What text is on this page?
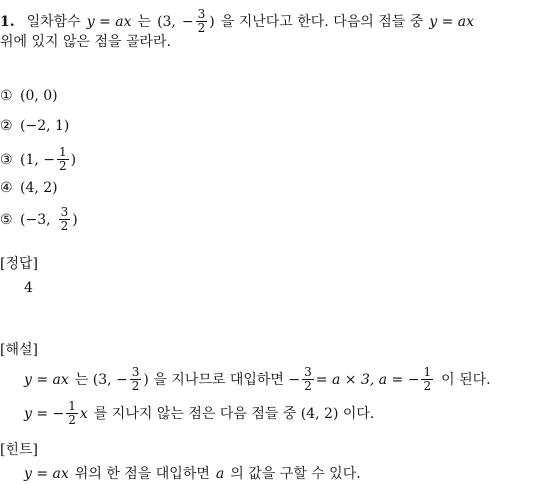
1. 일차함수 y = ax 는 (3, − $\frac{3}{2}$ ) 을 지난다고 한다. 다음의 점들 중 y = ax
위에 있지 않은 점을 골라라.
① (0, 0)
② (−2, 1)
③ (1, − $\frac{1}{2}$ )
④ (4, 2)
⑤ (−3, $\frac{3}{2}$ )
[정답]
4
[해설]
y = ax 는 (3, − $\frac{3}{2}$ ) 을 지나므로 대입하면 − $\frac{3}{2} = a \times 3$, a = − $\frac{1}{2}$ 이 된다.
y = − $\frac{1}{2}$ x 를 지나지 않는 점은 다음 점들 중 (4, 2) 이다.
[힌트]
y = ax 위의 한 점을 대입하면 a 의 값을 구할 수 있다.
